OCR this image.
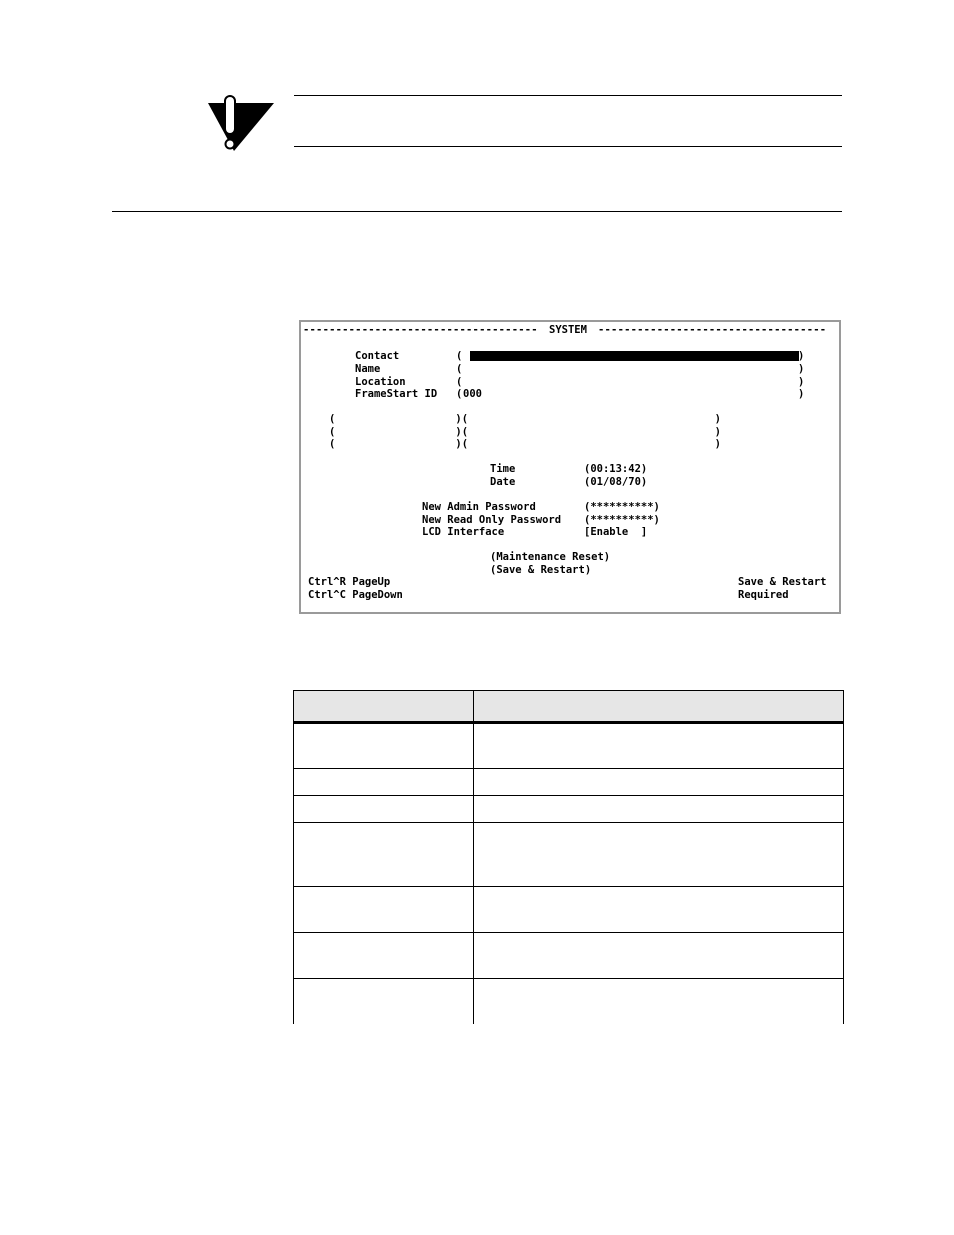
------------------------------------ SYSTEM -----------------------------------
Contact	(	)
Name	(	)
Location	(	)
FrameStart ID ( 000	)
(                   )(                                       )
(                   )(                                       )
(                   )(                                       )
Time	(00:13:42)
Date	(01/08/70)
New Admin Password	(**********)
New Read Only Password (**********)
LCD Interface	[Enable  ]
(Maintenance Reset)
(Save & Restart)
Ctrl^R PageUp
Ctrl^C PageDown
Save & Restart
Required
